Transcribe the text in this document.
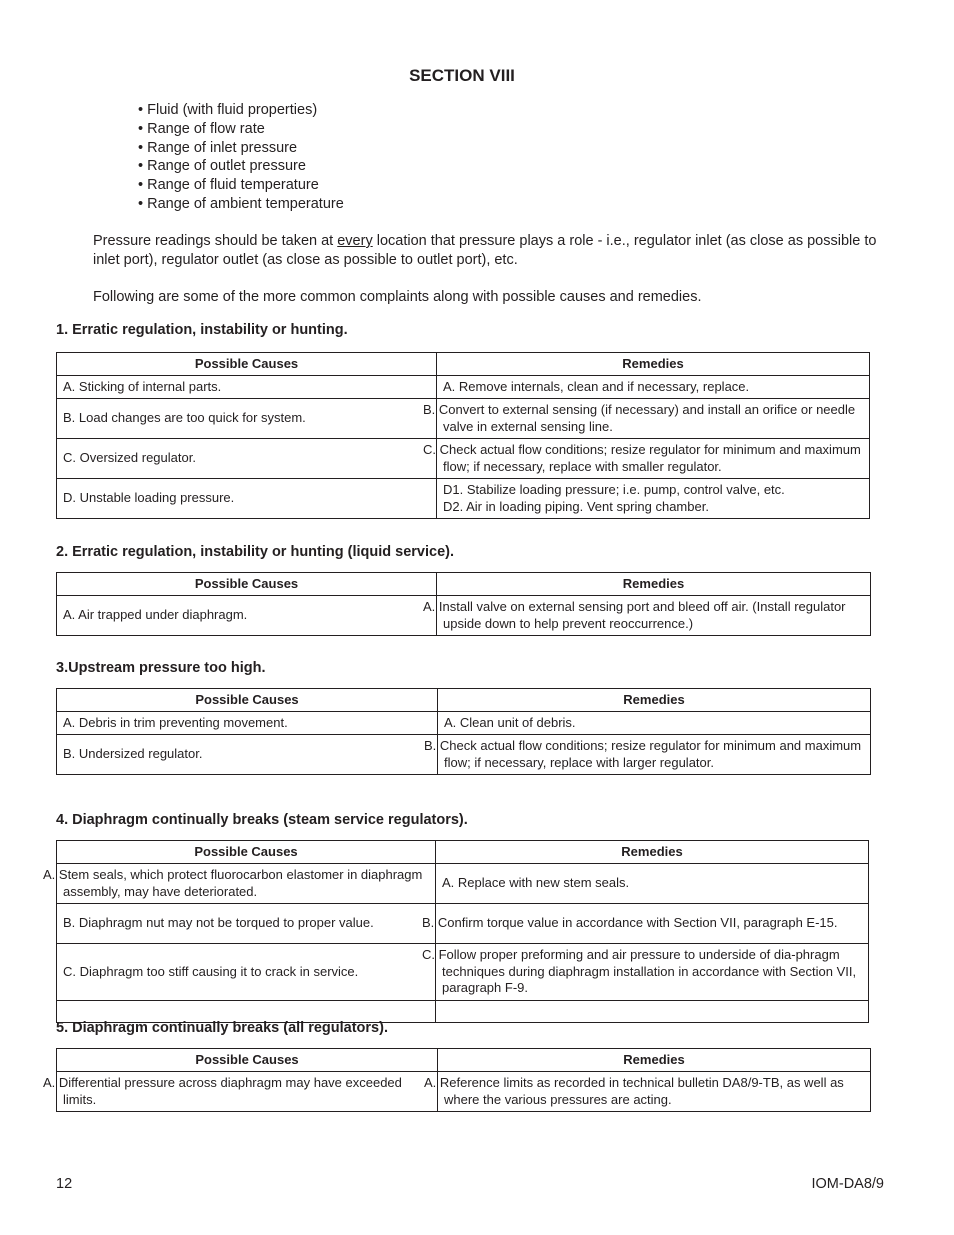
SECTION VIII
• Fluid (with fluid properties)
• Range of flow rate
• Range of inlet pressure
• Range of outlet pressure
• Range of fluid temperature
• Range of ambient temperature
Pressure readings should be taken at every location that pressure plays a role - i.e., regulator inlet (as close as possible to inlet port), regulator outlet (as close as possible to outlet port), etc.
Following are some of the more common complaints along with possible causes and remedies.
1. Erratic regulation, instability or hunting.
Possible Causes	Remedies
A. Sticking of internal parts.	A. Remove internals, clean and if necessary, replace.
B. Load changes are too quick for system.	B. Convert to external sensing (if necessary) and install an orifice or needle valve in external sensing line.
C. Oversized regulator.	C. Check actual flow conditions; resize regulator for minimum and maximum flow; if necessary, replace with smaller regulator.
D. Unstable loading pressure.	D1. Stabilize loading pressure; i.e. pump, control valve, etc.
D2. Air in loading piping. Vent spring chamber.
2. Erratic regulation, instability or hunting (liquid service).
Possible Causes	Remedies
A. Air trapped under diaphragm.	A. Install valve on external sensing port and bleed off air. (Install regulator upside down to help prevent reoccurrence.)
3.Upstream pressure too high.
Possible Causes	Remedies
A. Debris in trim preventing movement.	A. Clean unit of debris.
B. Undersized regulator.	B. Check actual flow conditions; resize regulator for minimum and maximum flow; if necessary, replace with larger regulator.
4. Diaphragm continually breaks (steam service regulators).
Possible Causes	Remedies
A. Stem seals, which protect fluorocarbon elastomer in diaphragm assembly, may have deteriorated.	A. Replace with new stem seals.
B. Diaphragm nut may not be torqued to proper value.	B. Confirm torque value in accordance with Section VII, paragraph E-15.
C. Diaphragm too stiff causing it to crack in service.	C. Follow proper preforming and air pressure to underside of dia-phragm techniques during diaphragm installation in accordance with Section VII, paragraph F-9.

5. Diaphragm continually breaks (all regulators).
Possible Causes	Remedies
A. Differential pressure across diaphragm may have exceeded limits.	A. Reference limits as recorded in technical bulletin DA8/9-TB, as well as where the various pressures are acting.
12	IOM-DA8/9
